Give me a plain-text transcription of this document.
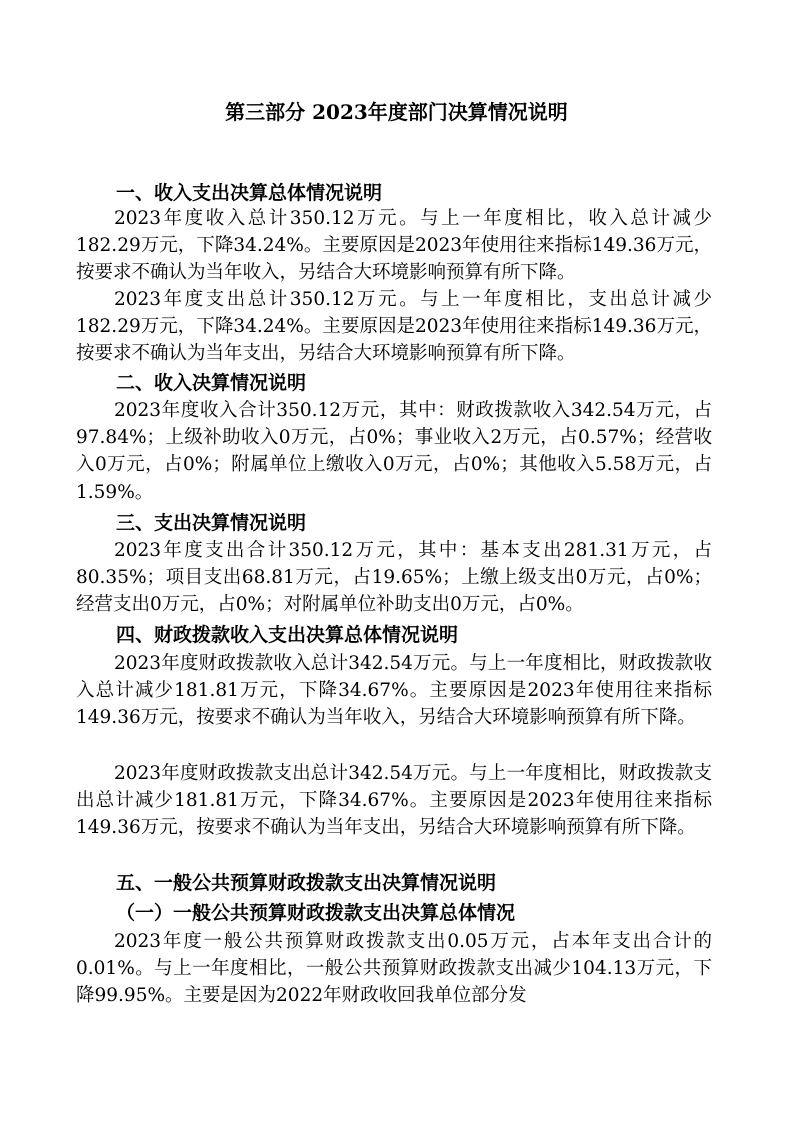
第三部分 2023年度部门决算情况说明
一、收入支出决算总体情况说明
2023年度收入总计350.12万元。与上一年度相比，收入总计减少182.29万元，下降34.24%。主要原因是2023年使用往来指标149.36万元，按要求不确认为当年收入，另结合大环境影响预算有所下降。
2023年度支出总计350.12万元。与上一年度相比，支出总计减少182.29万元，下降34.24%。主要原因是2023年使用往来指标149.36万元，按要求不确认为当年支出，另结合大环境影响预算有所下降。
二、收入决算情况说明
2023年度收入合计350.12万元，其中：财政拨款收入342.54万元，占97.84%；上级补助收入0万元，占0%；事业收入2万元，占0.57%；经营收入0万元，占0%；附属单位上缴收入0万元，占0%；其他收入5.58万元，占1.59%。
三、支出决算情况说明
2023年度支出合计350.12万元，其中：基本支出281.31万元，占80.35%；项目支出68.81万元，占19.65%；上缴上级支出0万元，占0%；经营支出0万元，占0%；对附属单位补助支出0万元，占0%。
四、财政拨款收入支出决算总体情况说明
2023年度财政拨款收入总计342.54万元。与上一年度相比，财政拨款收入总计减少181.81万元，下降34.67%。主要原因是2023年使用往来指标149.36万元，按要求不确认为当年收入，另结合大环境影响预算有所下降。
2023年度财政拨款支出总计342.54万元。与上一年度相比，财政拨款支出总计减少181.81万元，下降34.67%。主要原因是2023年使用往来指标149.36万元，按要求不确认为当年支出，另结合大环境影响预算有所下降。
五、一般公共预算财政拨款支出决算情况说明
（一）一般公共预算财政拨款支出决算总体情况
2023年度一般公共预算财政拨款支出0.05万元，占本年支出合计的0.01%。与上一年度相比，一般公共预算财政拨款支出减少104.13万元，下降99.95%。主要是因为2022年财政收回我单位部分发
